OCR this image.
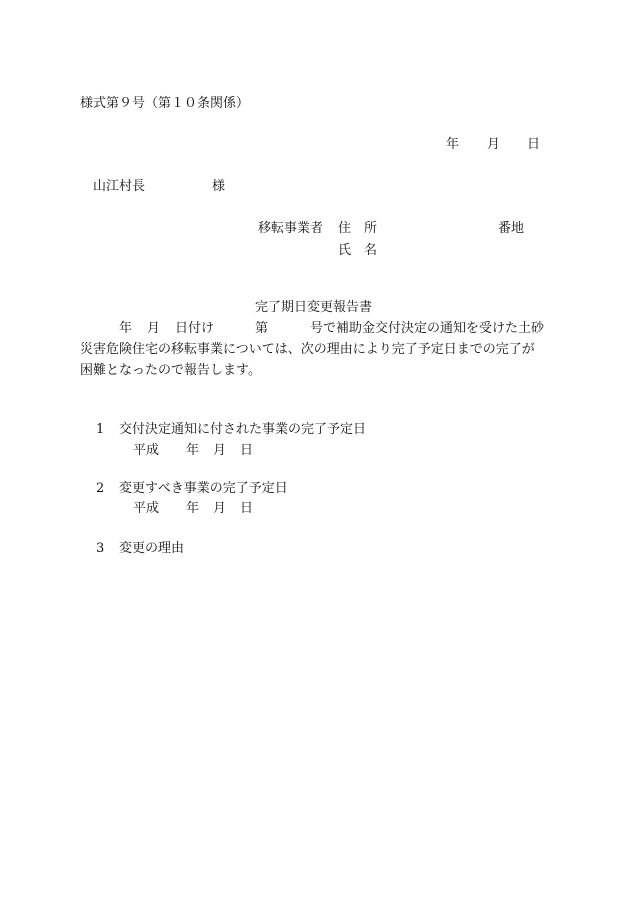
様式第９号（第１０条関係）
年 月 日
山江村長	様
移転事業者 住　所	番地
氏　名
完了期日変更報告書
年 月 日付け	第	号で補助金交付決定の通知を受けた土砂
災害危険住宅の移転事業については、次の理由により完了予定日までの完了が
困難となったので報告します。
1 交付決定通知に付された事業の完了予定日
平成 年 月 日
2 変更すべき事業の完了予定日
平成 年 月 日
3 変更の理由
